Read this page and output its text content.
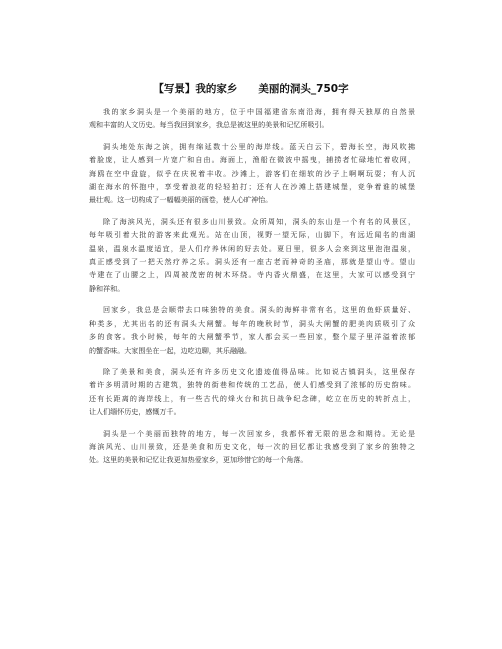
【写景】我的家乡　　美丽的洞头_750字
我的家乡洞头是一个美丽的地方，位于中国福建省东南沿海，拥有得天独厚的自然景
观和丰富的人文历史。每当我回到家乡，我总是被这里的美景和记忆所吸引。
洞头地处东海之滨，拥有绵延数十公里的海岸线。蓝天白云下，碧海长空，海风吹拂
着脸庞，让人感到一片宽广和自由。海面上，渔船在微波中摇曳，捕捞者忙碌地忙着收网，
海鸥在空中盘旋，似乎在庆祝着丰收。沙滩上，游客们在细软的沙子上啊啊玩耍；有人沉
湖在海水的怀抱中，享受着浪花的轻轻拍打；还有人在沙滩上搭建城堡，竞争着谁的城堡
最壮观。这一切构成了一幅幅美丽的画卷，使人心旷神怡。
除了海滨风光，洞头还有很多山川景致。众所周知，洞头的东山是一个有名的风景区，
每年吸引着大批的游客来此观光。站在山顶，视野一望无际，山脚下，有远近闻名的南湖
温泉，温泉水温度适宜，是人们疗养休闲的好去处。夏日里，很多人会来到这里泡泡温泉，
真正感受到了一把天然疗养之乐。洞头还有一座古老而神奇的圣庙，那就是望山寺。望山
寺建在了山腰之上，四周被茂密的树木环绕。寺内香火鼎盛，在这里，大家可以感受到宁
静和祥和。
回家乡，我总是会顺带去口味独特的美食。洞头的海鲜非常有名，这里的鱼虾质量好、
种类多，尤其出名的还有洞头大闸蟹。每年的晚秋时节，洞头大闸蟹的肥美肉质吸引了众
多的食客。我小时候，每年的大闸蟹季节，家人都会买一些回家，整个屋子里洋溢着浓郁
的蟹香味。大家围坐在一起，边吃边聊，其乐融融。
除了美景和美食，洞头还有许多历史文化遗迹值得品味。比如说古镇洞头，这里保存
着许多明清时期的古建筑，独特的街巷和传统的工艺品，使人们感受到了浓郁的历史韵味。
还有长距离的海岸线上，有一些古代的烽火台和抗日战争纪念碑，屹立在历史的转折点上，
让人们缅怀历史，感慨万千。
洞头是一个美丽而独特的地方，每一次回家乡，我都怀着无限的思念和期待。无论是
海滨风光、山川景致，还是美食和历史文化，每一次的回忆都让我感受到了家乡的独特之
处。这里的美景和记忆让我更加热爱家乡，更加珍惜它的每一个角落。
